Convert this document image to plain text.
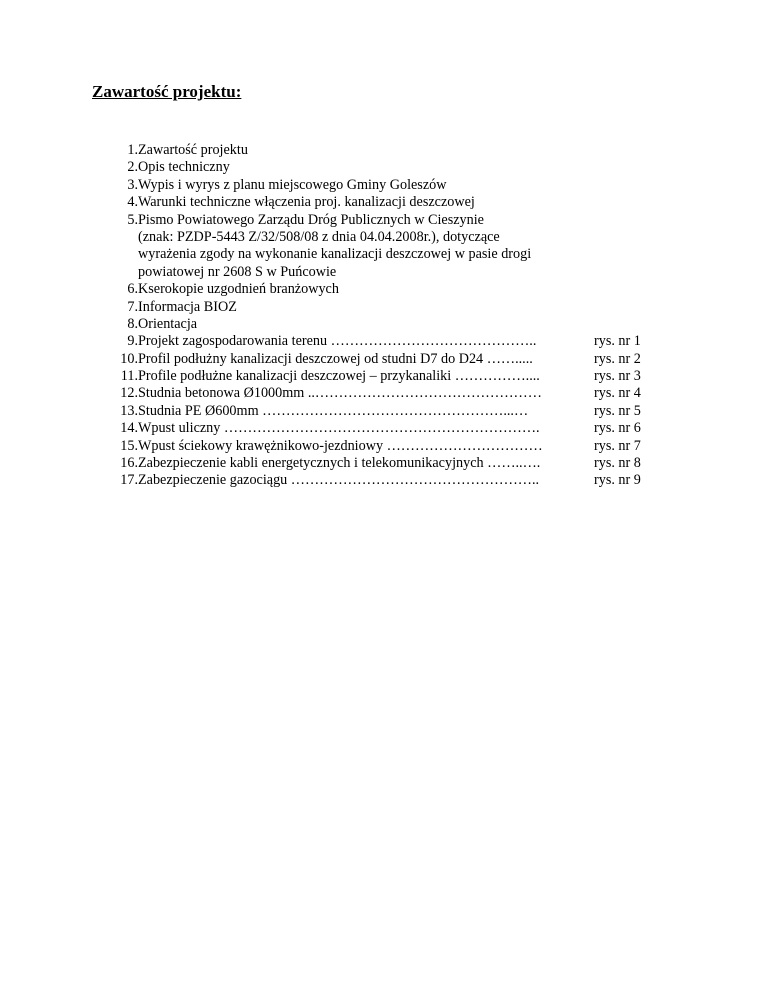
Zawartość projektu:
1. Zawartość projektu
2. Opis techniczny
3. Wypis i wyrys z planu miejscowego Gminy Goleszów
4. Warunki techniczne włączenia proj. kanalizacji deszczowej
5. Pismo Powiatowego Zarządu Dróg Publicznych w Cieszynie
(znak: PZDP-5443 Z/32/508/08 z dnia 04.04.2008r.), dotyczące
wyrażenia zgody na wykonanie kanalizacji deszczowej w pasie drogi
powiatowej nr 2608 S w Puńcowie
6. Kserokopie uzgodnień branżowych
7. Informacja BIOZ
8. Orientacja
9. Projekt zagospodarowania terenu ……………………………………..	rys. nr 1
10. Profil podłużny kanalizacji deszczowej od studni D7 do D24 …….....	rys. nr 2
11. Profile podłużne kanalizacji deszczowej – przykanaliki ……………....	rys. nr 3
12. Studnia betonowa Ø1000mm ..…………………………………………	rys. nr 4
13. Studnia PE Ø600mm ……………………………………………...…	rys. nr 5
14. Wpust uliczny ………………………………………………………….	rys. nr 6
15. Wpust ściekowy krawężnikowo-jezdniowy ……………………………	rys. nr 7
16. Zabezpieczenie kabli energetycznych i telekomunikacyjnych ……..….	rys. nr 8
17. Zabezpieczenie gazociągu ……………………………………………..	rys. nr 9
